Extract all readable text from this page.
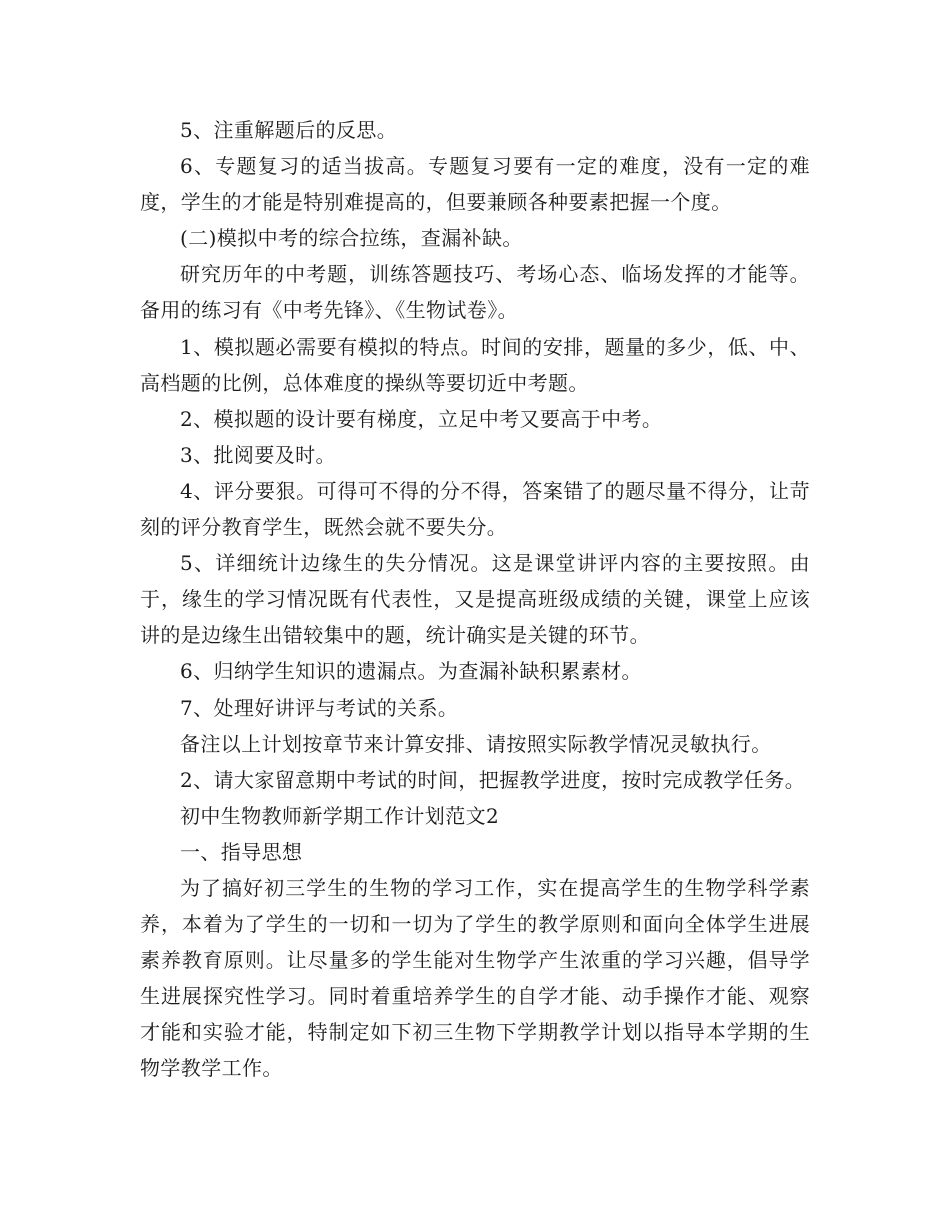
5、注重解题后的反思。

6、专题复习的适当拔高。专题复习要有一定的难度，没有一定的难度，学生的才能是特别难提高的，但要兼顾各种要素把握一个度。

(二)模拟中考的综合拉练，查漏补缺。

研究历年的中考题，训练答题技巧、考场心态、临场发挥的才能等。备用的练习有《中考先锋》、《生物试卷》。

1、模拟题必需要有模拟的特点。时间的安排，题量的多少，低、中、高档题的比例，总体难度的操纵等要切近中考题。

2、模拟题的设计要有梯度，立足中考又要高于中考。

3、批阅要及时。

4、评分要狠。可得可不得的分不得，答案错了的题尽量不得分，让苛刻的评分教育学生，既然会就不要失分。

5、详细统计边缘生的失分情况。这是课堂讲评内容的主要按照。由于，缘生的学习情况既有代表性，又是提高班级成绩的关键，课堂上应该讲的是边缘生出错较集中的题，统计确实是关键的环节。

6、归纳学生知识的遗漏点。为查漏补缺积累素材。

7、处理好讲评与考试的关系。

备注以上计划按章节来计算安排、请按照实际教学情况灵敏执行。

2、请大家留意期中考试的时间，把握教学进度，按时完成教学任务。

初中生物教师新学期工作计划范文2

一、指导思想

为了搞好初三学生的生物的学习工作，实在提高学生的生物学科学素养，本着为了学生的一切和一切为了学生的教学原则和面向全体学生进展素养教育原则。让尽量多的学生能对生物学产生浓重的学习兴趣，倡导学生进展探究性学习。同时着重培养学生的自学才能、动手操作才能、观察才能和实验才能，特制定如下初三生物下学期教学计划以指导本学期的生物学教学工作。
